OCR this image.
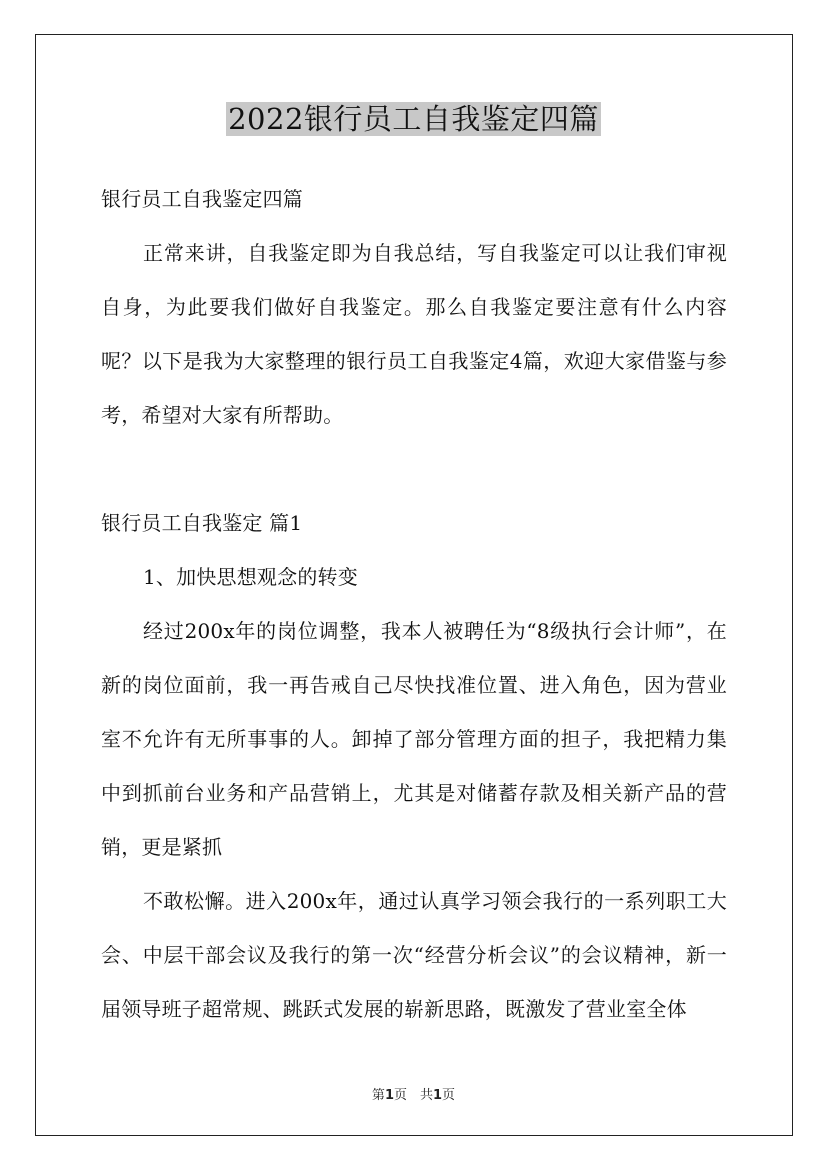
2022银行员工自我鉴定四篇

银行员工自我鉴定四篇

正常来讲，自我鉴定即为自我总结，写自我鉴定可以让我们审视自身，为此要我们做好自我鉴定。那么自我鉴定要注意有什么内容呢？以下是我为大家整理的银行员工自我鉴定4篇，欢迎大家借鉴与参考，希望对大家有所帮助。

银行员工自我鉴定 篇1

1、加快思想观念的转变

经过200x年的岗位调整，我本人被聘任为“8级执行会计师”，在新的岗位面前，我一再告戒自己尽快找准位置、进入角色，因为营业室不允许有无所事事的人。卸掉了部分管理方面的担子，我把精力集中到抓前台业务和产品营销上，尤其是对储蓄存款及相关新产品的营销，更是紧抓

不敢松懈。进入200x年，通过认真学习领会我行的一系列职工大会、中层干部会议及我行的第一次“经营分析会议”的会议精神，新一届领导班子超常规、跳跃式发展的崭新思路，既激发了营业室全体

第1页　共1页
